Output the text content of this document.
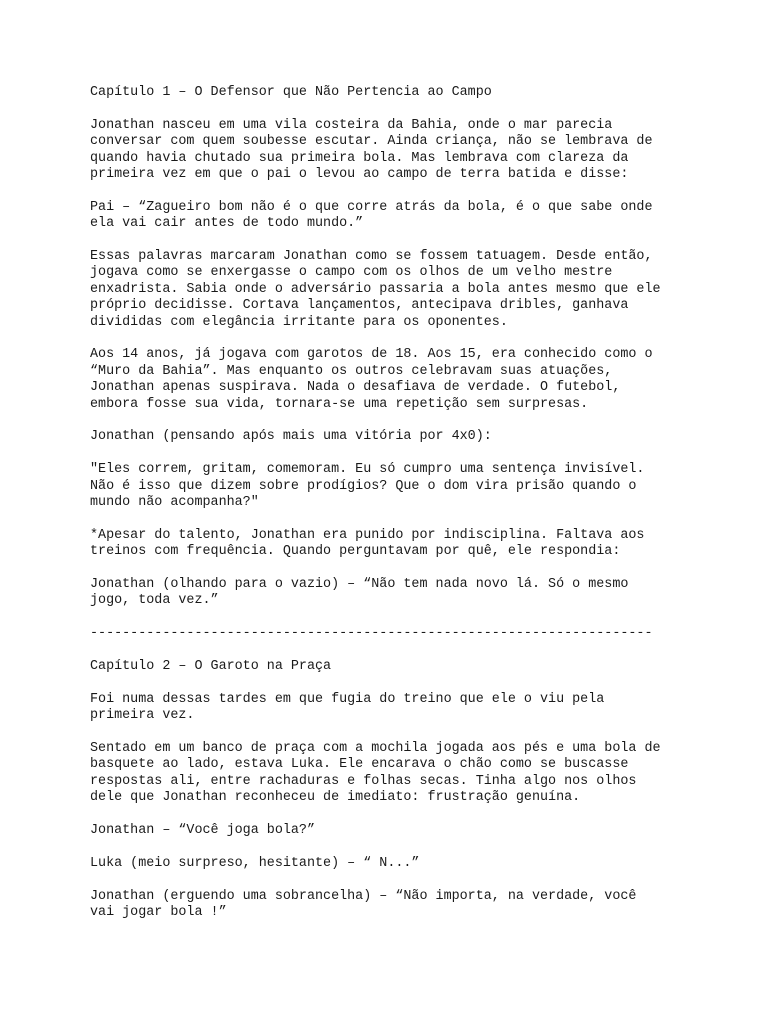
Capítulo 1 – O Defensor que Não Pertencia ao Campo

Jonathan nasceu em uma vila costeira da Bahia, onde o mar parecia
conversar com quem soubesse escutar. Ainda criança, não se lembrava de
quando havia chutado sua primeira bola. Mas lembrava com clareza da
primeira vez em que o pai o levou ao campo de terra batida e disse:

Pai – “Zagueiro bom não é o que corre atrás da bola, é o que sabe onde
ela vai cair antes de todo mundo.”

Essas palavras marcaram Jonathan como se fossem tatuagem. Desde então,
jogava como se enxergasse o campo com os olhos de um velho mestre
enxadrista. Sabia onde o adversário passaria a bola antes mesmo que ele
próprio decidisse. Cortava lançamentos, antecipava dribles, ganhava
divididas com elegância irritante para os oponentes.

Aos 14 anos, já jogava com garotos de 18. Aos 15, era conhecido como o
“Muro da Bahia”. Mas enquanto os outros celebravam suas atuações,
Jonathan apenas suspirava. Nada o desafiava de verdade. O futebol,
embora fosse sua vida, tornara-se uma repetição sem surpresas.

Jonathan (pensando após mais uma vitória por 4x0):

"Eles correm, gritam, comemoram. Eu só cumpro uma sentença invisível.
Não é isso que dizem sobre prodígios? Que o dom vira prisão quando o
mundo não acompanha?"

*Apesar do talento, Jonathan era punido por indisciplina. Faltava aos
treinos com frequência. Quando perguntavam por quê, ele respondia:

Jonathan (olhando para o vazio) – “Não tem nada novo lá. Só o mesmo
jogo, toda vez.”

----------------------------------------------------------------------

Capítulo 2 – O Garoto na Praça

Foi numa dessas tardes em que fugia do treino que ele o viu pela
primeira vez.

Sentado em um banco de praça com a mochila jogada aos pés e uma bola de
basquete ao lado, estava Luka. Ele encarava o chão como se buscasse
respostas ali, entre rachaduras e folhas secas. Tinha algo nos olhos
dele que Jonathan reconheceu de imediato: frustração genuína.

Jonathan – “Você joga bola?”

Luka (meio surpreso, hesitante) – “ N...”

Jonathan (erguendo uma sobrancelha) – “Não importa, na verdade, você
vai jogar bola !”
